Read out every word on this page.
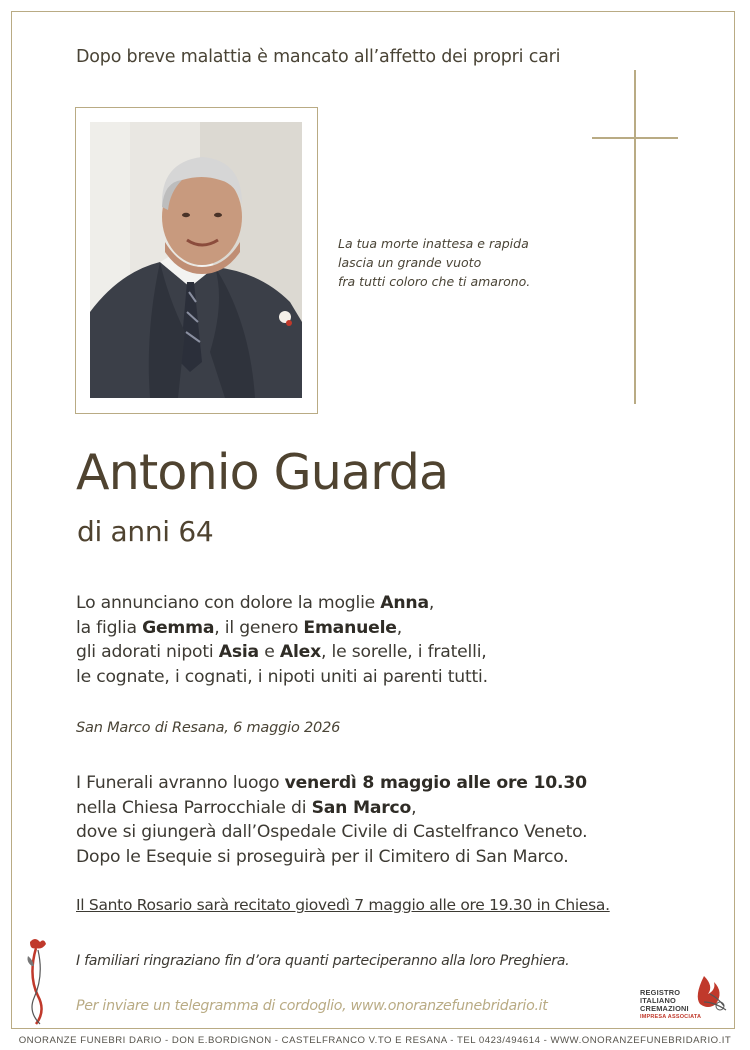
Dopo breve malattia è mancato all’affetto dei propri cari
La tua morte inattesa e rapida
lascia un grande vuoto
fra tutti coloro che ti amarono.
Antonio Guarda
di anni 64
Lo annunciano con dolore la moglie Anna,
la figlia Gemma, il genero Emanuele,
gli adorati nipoti Asia e Alex, le sorelle, i fratelli,
le cognate, i cognati, i nipoti uniti ai parenti tutti.
San Marco di Resana, 6 maggio 2026
I Funerali avranno luogo venerdì 8 maggio alle ore 10.30
nella Chiesa Parrocchiale di San Marco,
dove si giungerà dall’Ospedale Civile di Castelfranco Veneto.
Dopo le Esequie si proseguirà per il Cimitero di San Marco.
Il Santo Rosario sarà recitato giovedì 7 maggio alle ore 19.30 in Chiesa.
I familiari ringraziano fin d’ora quanti parteciperanno alla loro Preghiera.
Per inviare un telegramma di cordoglio, www.onoranzefunebridario.it
REGISTRO
ITALIANO
CREMAZIONI
IMPRESA ASSOCIATA
ONORANZE FUNEBRI DARIO - DON E.BORDIGNON - CASTELFRANCO V.TO E RESANA - TEL 0423/494614 - WWW.ONORANZEFUNEBRIDARIO.IT
